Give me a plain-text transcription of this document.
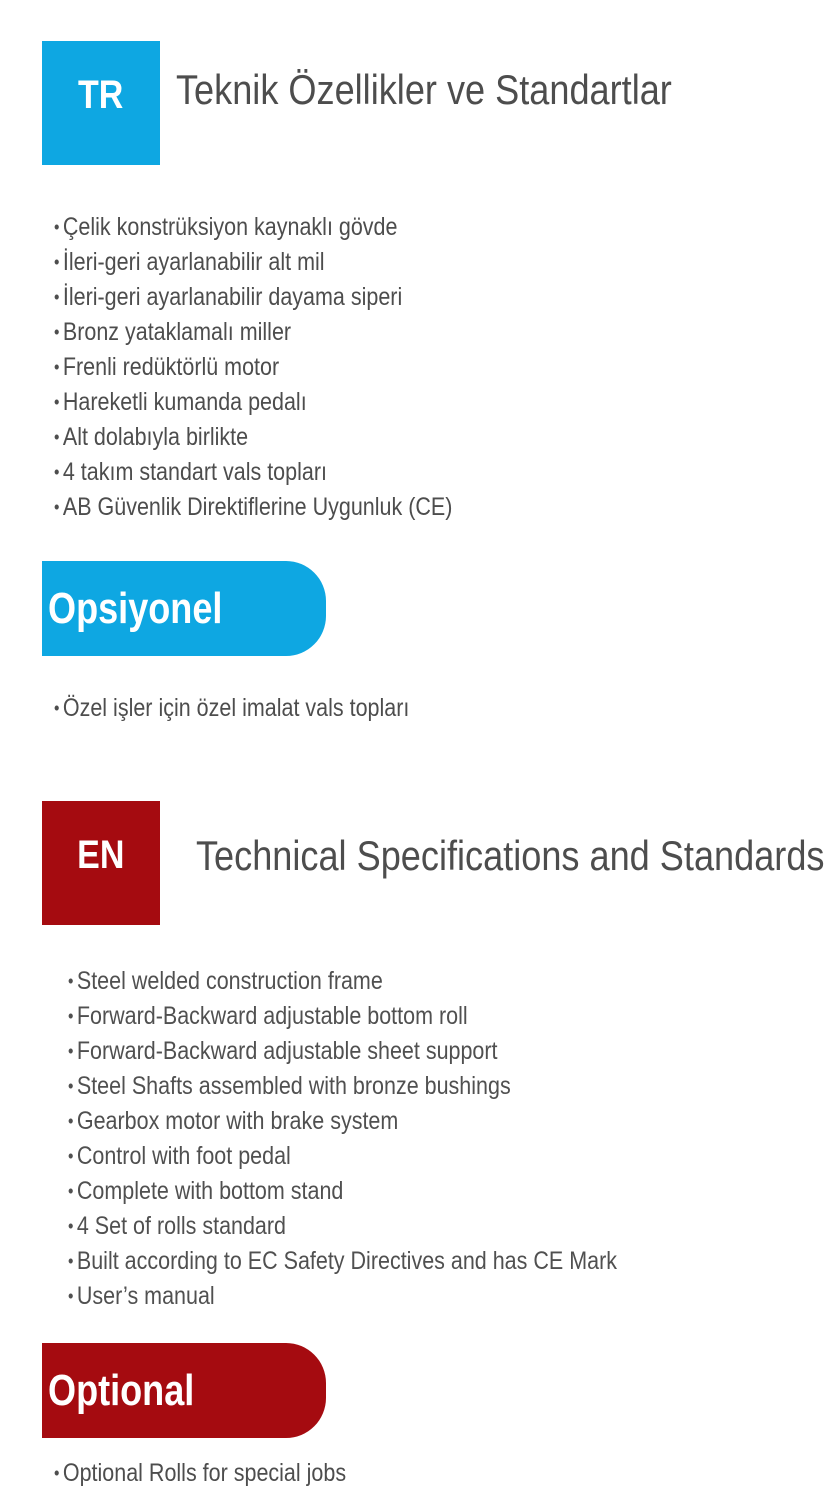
TR Teknik Özellikler ve Standartlar
• Çelik konstrüksiyon kaynaklı gövde
• İleri-geri ayarlanabilir alt mil
• İleri-geri ayarlanabilir dayama siperi
• Bronz yataklamalı miller
• Frenli redüktörlü motor
• Hareketli kumanda pedalı
• Alt dolabıyla birlikte
• 4 takım standart vals topları
• AB Güvenlik Direktiflerine Uygunluk (CE)
Opsiyonel
• Özel işler için özel imalat vals topları
EN Technical Specifications and Standards
• Steel welded construction frame
• Forward-Backward adjustable bottom roll
• Forward-Backward adjustable sheet support
• Steel Shafts assembled with bronze bushings
• Gearbox motor with brake system
• Control with foot pedal
• Complete with bottom stand
• 4 Set of rolls standard
• Built according to EC Safety Directives and has CE Mark
• User’s manual
Optional
• Optional Rolls for special jobs
